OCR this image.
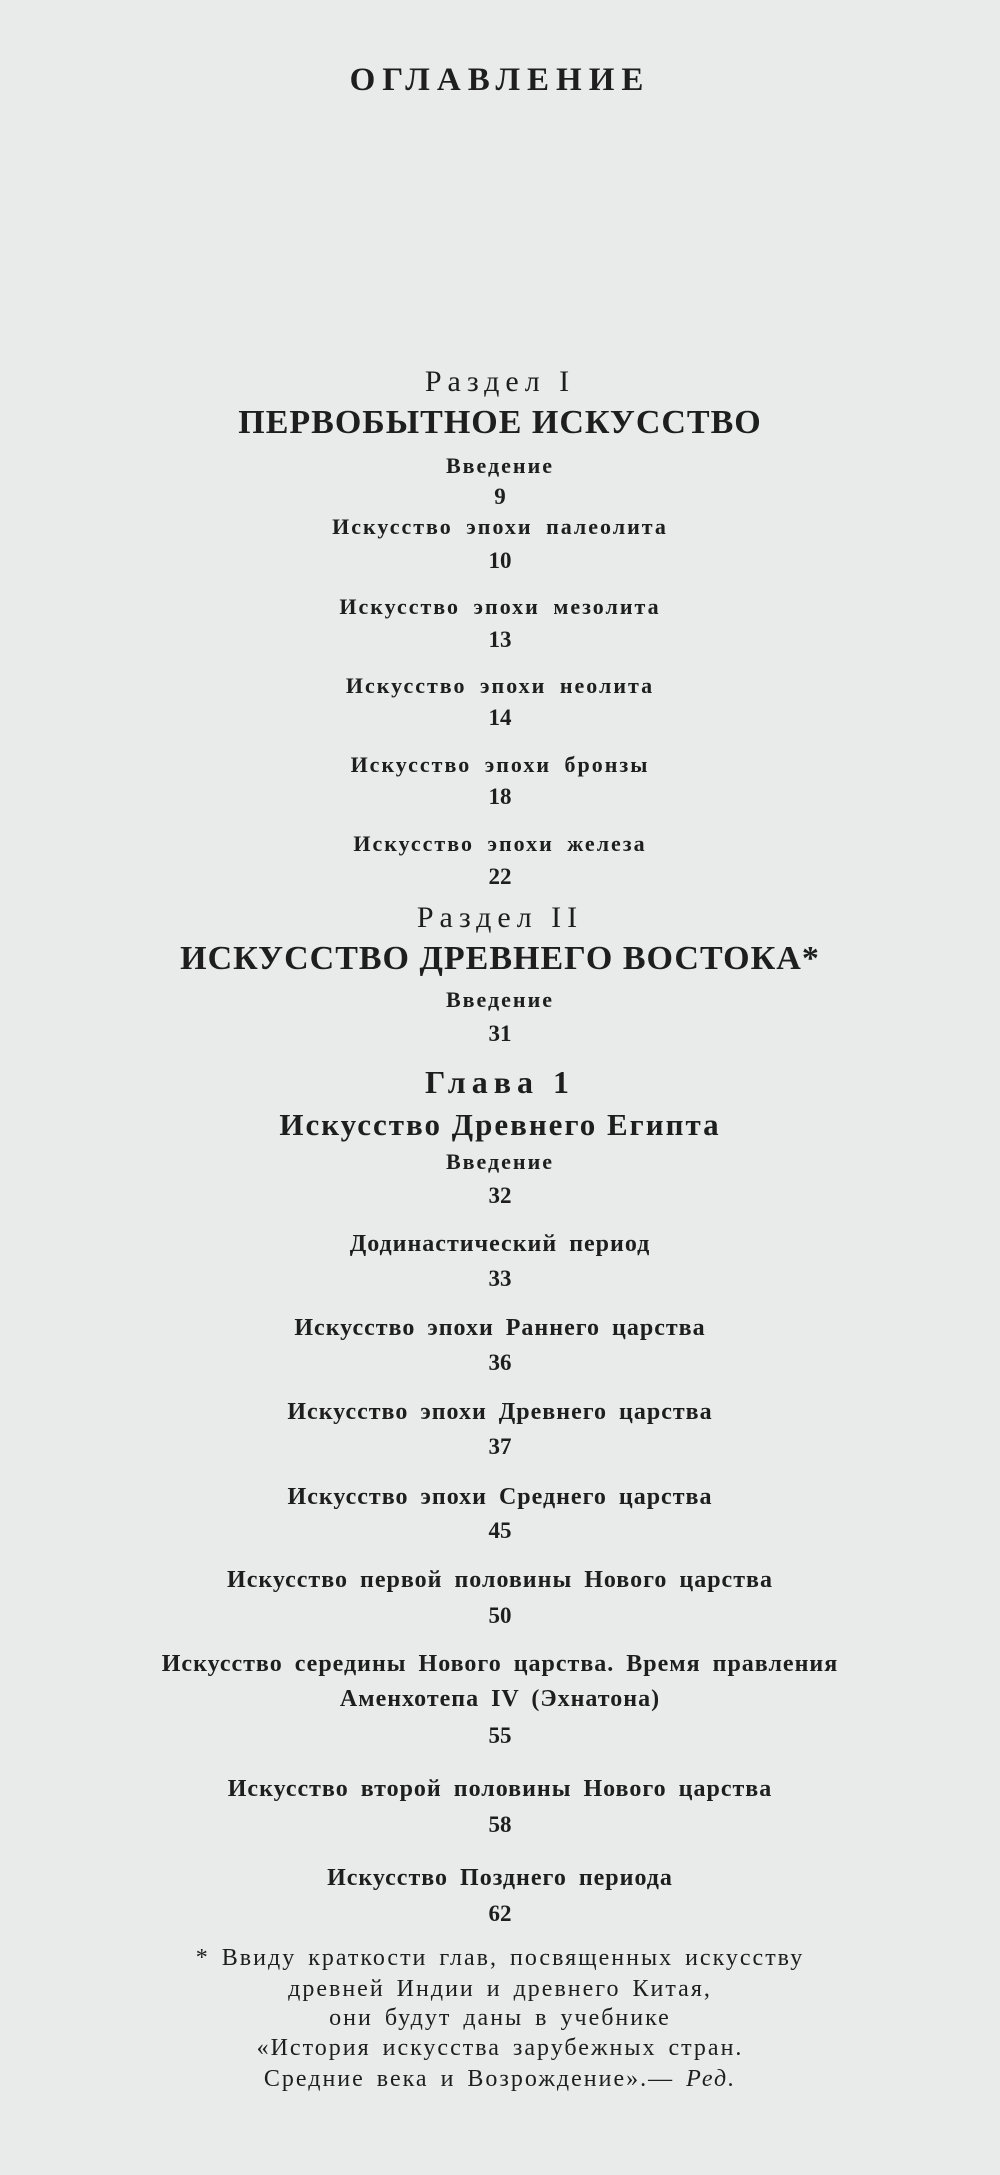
ОГЛАВЛЕНИЕ
Раздел I
ПЕРВОБЫТНОЕ ИСКУССТВО
Введение
9
Искусство эпохи палеолита
10
Искусство эпохи мезолита
13
Искусство эпохи неолита
14
Искусство эпохи бронзы
18
Искусство эпохи железа
22
Раздел II
ИСКУССТВО ДРЕВНЕГО ВОСТОКА*
Введение
31
Глава 1
Искусство Древнего Египта
Введение
32
Додинастический период
33
Искусство эпохи Раннего царства
36
Искусство эпохи Древнего царства
37
Искусство эпохи Среднего царства
45
Искусство первой половины Нового царства
50
Искусство середины Нового царства. Время правления
Аменхотепа IV (Эхнатона)
55
Искусство второй половины Нового царства
58
Искусство Позднего периода
62
* Ввиду краткости глав, посвященных искусству
древней Индии и древнего Китая,
они будут даны в учебнике
«История искусства зарубежных стран.
Средние века и Возрождение».— Ред.
